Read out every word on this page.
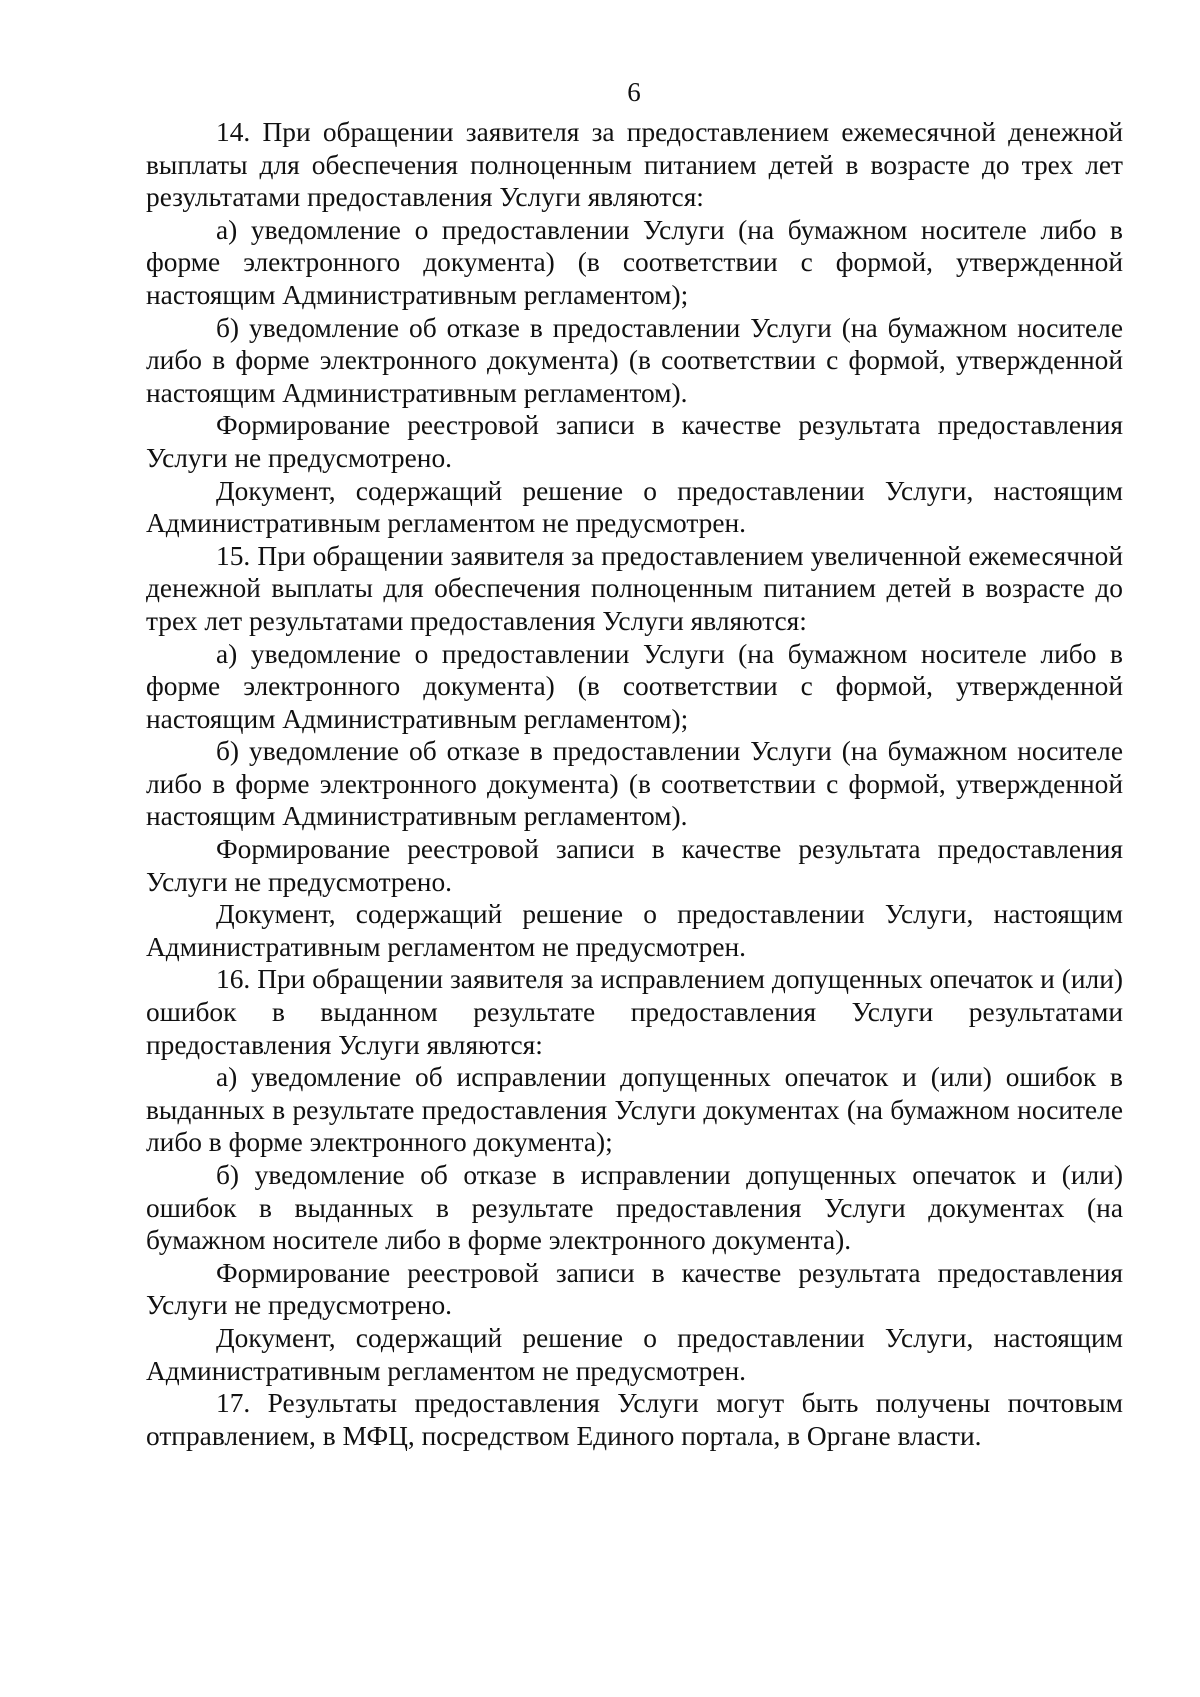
6

14. При обращении заявителя за предоставлением ежемесячной денежной выплаты для обеспечения полноценным питанием детей в возрасте до трех лет результатами предоставления Услуги являются:

а) уведомление о предоставлении Услуги (на бумажном носителе либо в форме электронного документа) (в соответствии с формой, утвержденной настоящим Административным регламентом);

б) уведомление об отказе в предоставлении Услуги (на бумажном носителе либо в форме электронного документа) (в соответствии с формой, утвержденной настоящим Административным регламентом).

Формирование реестровой записи в качестве результата предоставления Услуги не предусмотрено.

Документ, содержащий решение о предоставлении Услуги, настоящим Административным регламентом не предусмотрен.

15. При обращении заявителя за предоставлением увеличенной ежемесячной денежной выплаты для обеспечения полноценным питанием детей в возрасте до трех лет результатами предоставления Услуги являются:

а) уведомление о предоставлении Услуги (на бумажном носителе либо в форме электронного документа) (в соответствии с формой, утвержденной настоящим Административным регламентом);

б) уведомление об отказе в предоставлении Услуги (на бумажном носителе либо в форме электронного документа) (в соответствии с формой, утвержденной настоящим Административным регламентом).

Формирование реестровой записи в качестве результата предоставления Услуги не предусмотрено.

Документ, содержащий решение о предоставлении Услуги, настоящим Административным регламентом не предусмотрен.

16. При обращении заявителя за исправлением допущенных опечаток и (или) ошибок в выданном результате предоставления Услуги результатами предоставления Услуги являются:

а) уведомление об исправлении допущенных опечаток и (или) ошибок в выданных в результате предоставления Услуги документах (на бумажном носителе либо в форме электронного документа);

б) уведомление об отказе в исправлении допущенных опечаток и (или) ошибок в выданных в результате предоставления Услуги документах (на бумажном носителе либо в форме электронного документа).

Формирование реестровой записи в качестве результата предоставления Услуги не предусмотрено.

Документ, содержащий решение о предоставлении Услуги, настоящим Административным регламентом не предусмотрен.

17. Результаты предоставления Услуги могут быть получены почтовым отправлением, в МФЦ, посредством Единого портала, в Органе власти.
